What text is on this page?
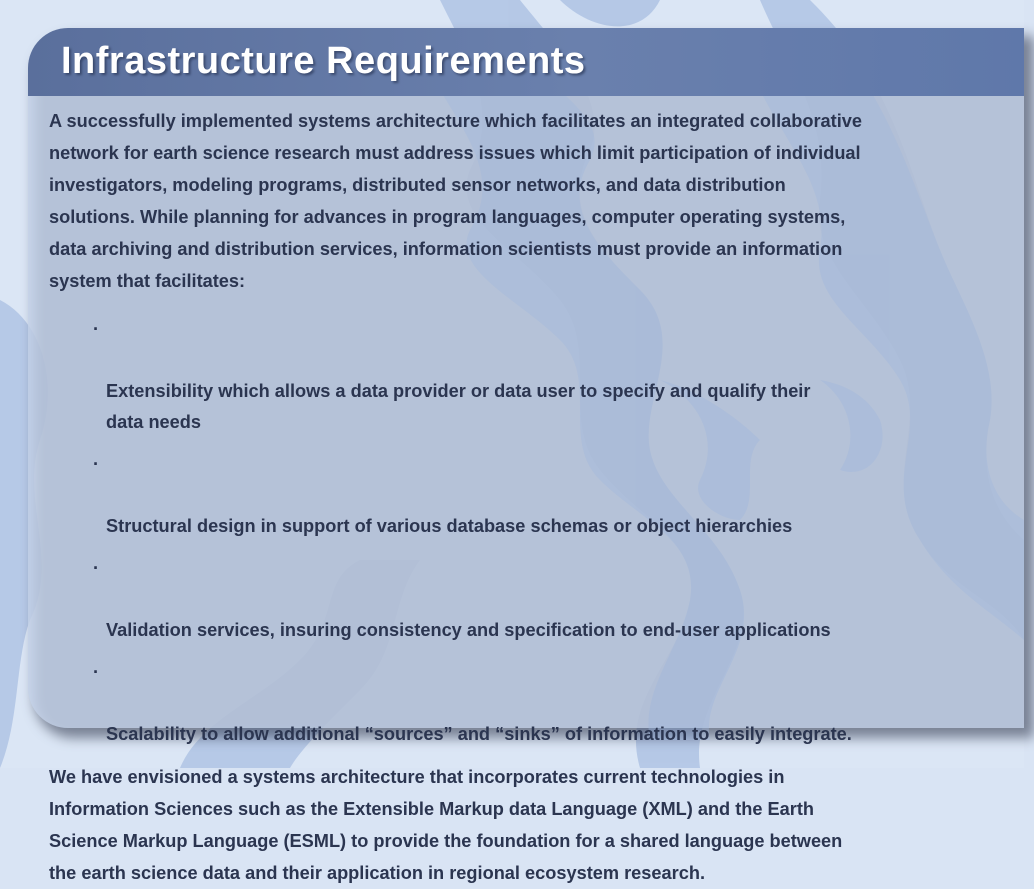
Infrastructure Requirements

A successfully implemented systems architecture which facilitates an integrated collaborative
network for earth science research must address issues which limit participation of individual
investigators, modeling programs, distributed sensor networks, and data distribution
solutions. While planning for advances in program languages, computer operating systems,
data archiving and distribution services, information scientists must provide an information
system that facilitates:

·

Extensibility which allows a data provider or data user to specify and qualify their
data needs

·

Structural design in support of various database schemas or object hierarchies

·

Validation services, insuring consistency and specification to end-user applications

·

Scalability to allow additional “sources” and “sinks” of information to easily integrate.

We have envisioned a systems architecture that incorporates current technologies in
Information Sciences such as the Extensible Markup data Language (XML) and the Earth
Science Markup Language (ESML) to provide the foundation for a shared language between
the earth science data and their application in regional ecosystem research.
